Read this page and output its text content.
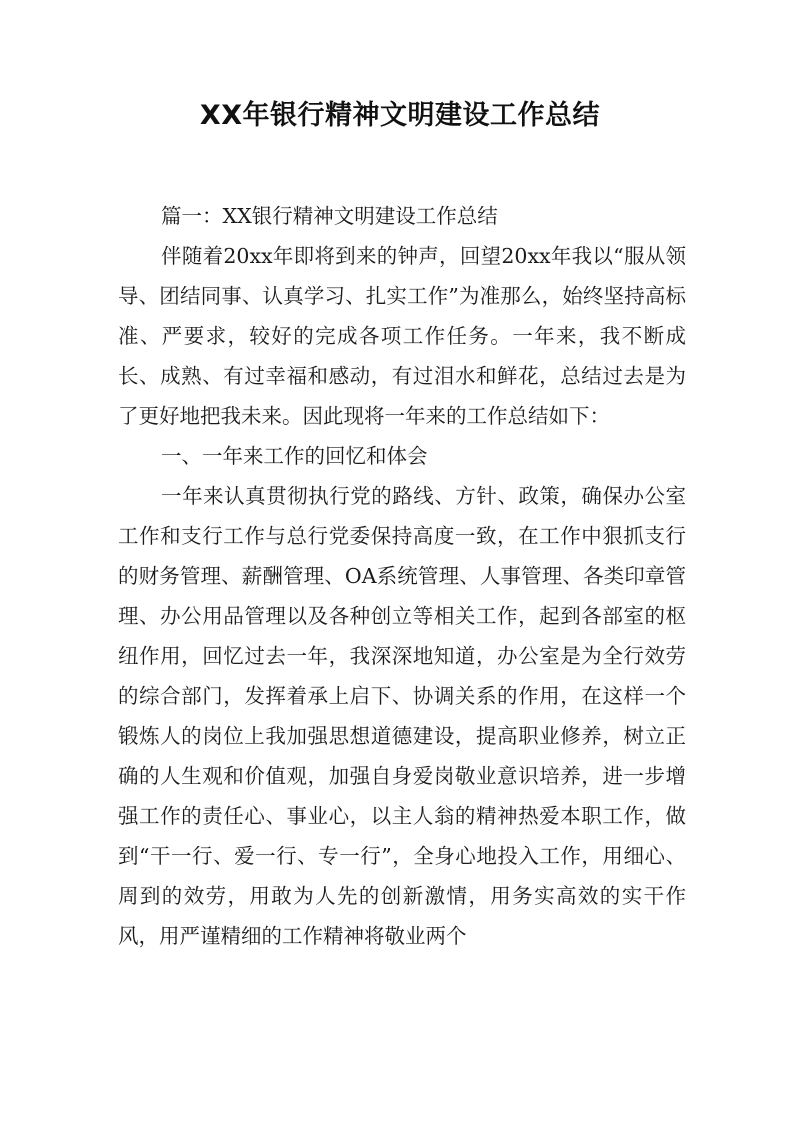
XX年银行精神文明建设工作总结

篇一：XX银行精神文明建设工作总结

伴随着20xx年即将到来的钟声，回望20xx年我以“服从领导、团结同事、认真学习、扎实工作”为准那么，始终坚持高标准、严要求，较好的完成各项工作任务。一年来，我不断成长、成熟、有过幸福和感动，有过泪水和鲜花，总结过去是为了更好地把我未来。因此现将一年来的工作总结如下：

一、一年来工作的回忆和体会

一年来认真贯彻执行党的路线、方针、政策，确保办公室工作和支行工作与总行党委保持高度一致，在工作中狠抓支行的财务管理、薪酬管理、OA系统管理、人事管理、各类印章管理、办公用品管理以及各种创立等相关工作，起到各部室的枢纽作用，回忆过去一年，我深深地知道，办公室是为全行效劳的综合部门，发挥着承上启下、协调关系的作用，在这样一个锻炼人的岗位上我加强思想道德建设，提高职业修养，树立正确的人生观和价值观，加强自身爱岗敬业意识培养，进一步增强工作的责任心、事业心，以主人翁的精神热爱本职工作，做到“干一行、爱一行、专一行”，全身心地投入工作，用细心、周到的效劳，用敢为人先的创新激情，用务实高效的实干作风，用严谨精细的工作精神将敬业两个
